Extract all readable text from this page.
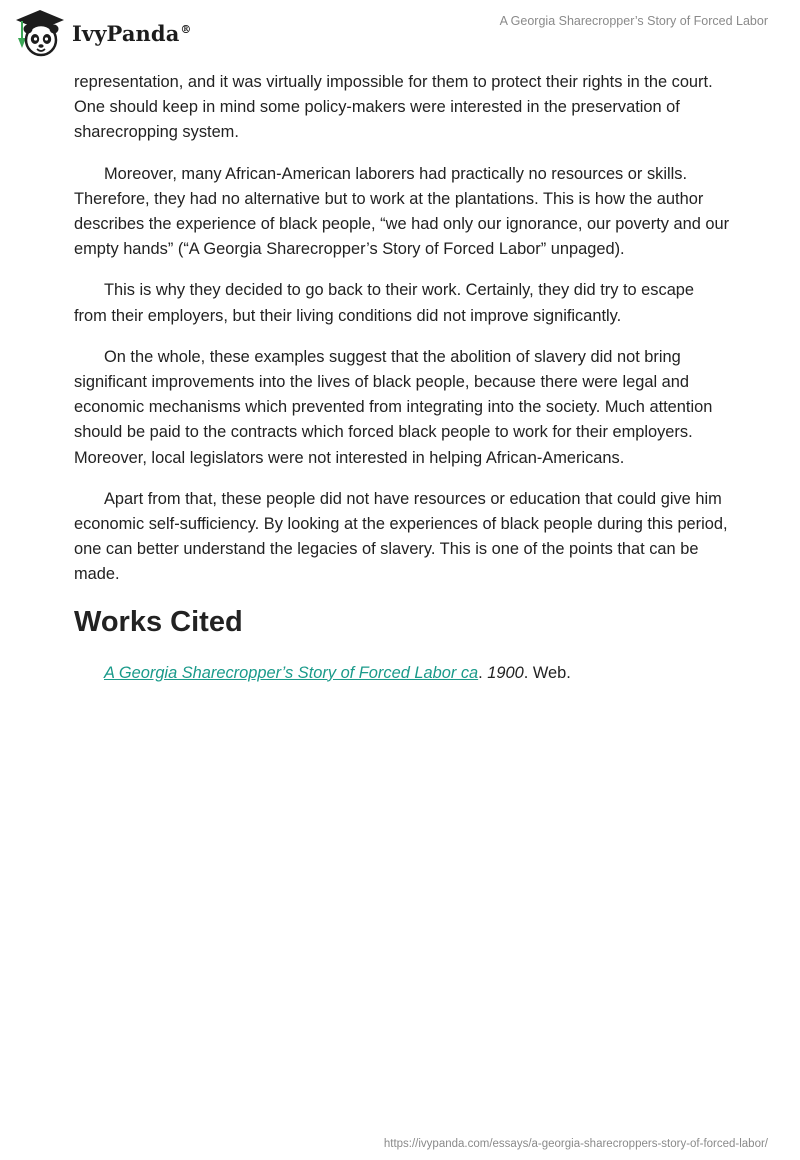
IvyPanda®
A Georgia Sharecropper’s Story of Forced Labor

representation, and it was virtually impossible for them to protect their rights in the court. One should keep in mind some policy-makers were interested in the preservation of sharecropping system.

Moreover, many African-American laborers had practically no resources or skills. Therefore, they had no alternative but to work at the plantations. This is how the author describes the experience of black people, “we had only our ignorance, our poverty and our empty hands” (“A Georgia Sharecropper’s Story of Forced Labor” unpaged).

This is why they decided to go back to their work. Certainly, they did try to escape from their employers, but their living conditions did not improve significantly.

On the whole, these examples suggest that the abolition of slavery did not bring significant improvements into the lives of black people, because there were legal and economic mechanisms which prevented from integrating into the society. Much attention should be paid to the contracts which forced black people to work for their employers. Moreover, local legislators were not interested in helping African-Americans.

Apart from that, these people did not have resources or education that could give him economic self-sufficiency. By looking at the experiences of black people during this period, one can better understand the legacies of slavery. This is one of the points that can be made.

Works Cited
A Georgia Sharecropper’s Story of Forced Labor ca. 1900. Web.
https://ivypanda.com/essays/a-georgia-sharecroppers-story-of-forced-labor/
